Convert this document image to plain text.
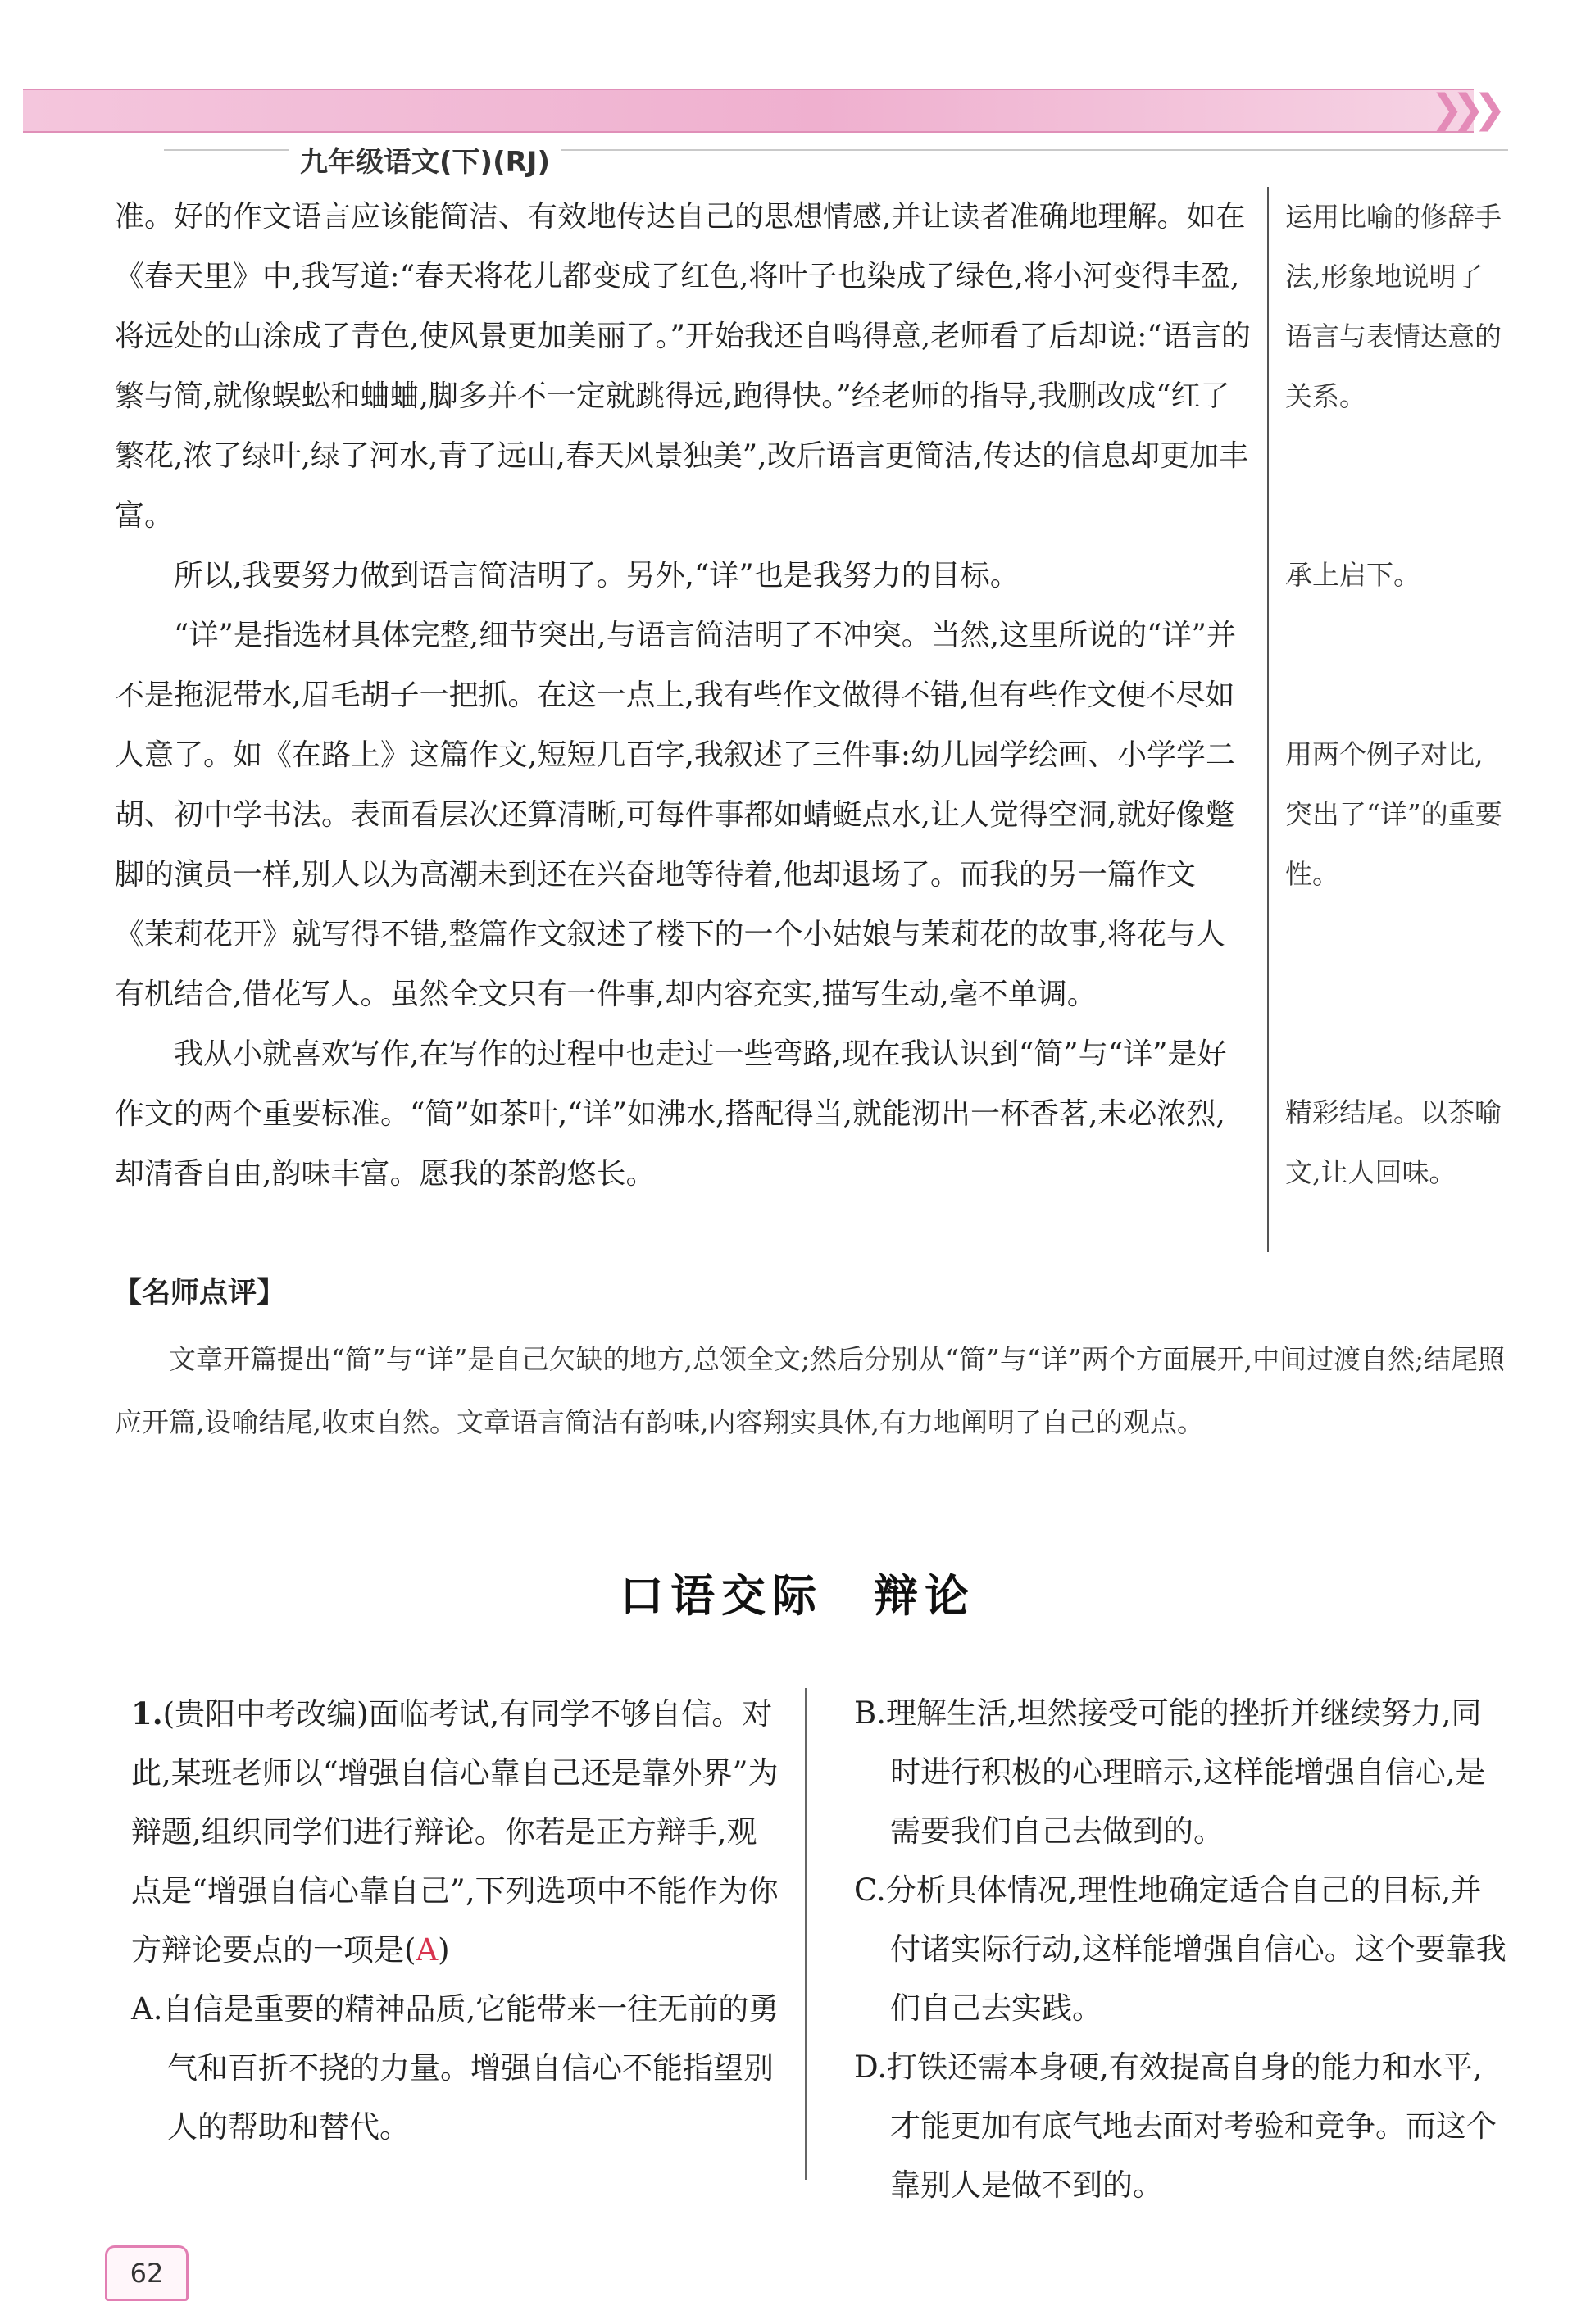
❯❯❯
九年级语文(下)(RJ)

准。好的作文语言应该能简洁、有效地传达自己的思想情感,并让读者准确地理解。如在《春天里》中,我写道:“春天将花儿都变成了红色,将叶子也染成了绿色,将小河变得丰盈,将远处的山涂成了青色,使风景更加美丽了。”开始我还自鸣得意,老师看了后却说:“语言的繁与简,就像蜈蚣和蛐蛐,脚多并不一定就跳得远,跑得快。”经老师的指导,我删改成“红了繁花,浓了绿叶,绿了河水,青了远山,春天风景独美”,改后语言更简洁,传达的信息却更加丰富。

所以,我要努力做到语言简洁明了。另外,“详”也是我努力的目标。

“详”是指选材具体完整,细节突出,与语言简洁明了不冲突。当然,这里所说的“详”并不是拖泥带水,眉毛胡子一把抓。在这一点上,我有些作文做得不错,但有些作文便不尽如人意了。如《在路上》这篇作文,短短几百字,我叙述了三件事:幼儿园学绘画、小学学二胡、初中学书法。表面看层次还算清晰,可每件事都如蜻蜓点水,让人觉得空洞,就好像蹩脚的演员一样,别人以为高潮未到还在兴奋地等待着,他却退场了。而我的另一篇作文《茉莉花开》就写得不错,整篇作文叙述了楼下的一个小姑娘与茉莉花的故事,将花与人有机结合,借花写人。虽然全文只有一件事,却内容充实,描写生动,毫不单调。

我从小就喜欢写作,在写作的过程中也走过一些弯路,现在我认识到“简”与“详”是好作文的两个重要标准。“简”如茶叶,“详”如沸水,搭配得当,就能沏出一杯香茗,未必浓烈,却清香自由,韵味丰富。愿我的茶韵悠长。

运用比喻的修辞手法,形象地说明了语言与表情达意的关系。
承上启下。
用两个例子对比,突出了“详”的重要性。
精彩结尾。以茶喻文,让人回味。
【名师点评】
文章开篇提出“简”与“详”是自己欠缺的地方,总领全文;然后分别从“简”与“详”两个方面展开,中间过渡自然;结尾照应开篇,设喻结尾,收束自然。文章语言简洁有韵味,内容翔实具体,有力地阐明了自己的观点。
口语交际　辩论

1.(贵阳中考改编)面临考试,有同学不够自信。对此,某班老师以“增强自信心靠自己还是靠外界”为辩题,组织同学们进行辩论。你若是正方辩手,观点是“增强自信心靠自己”,下列选项中不能作为你方辩论要点的一项是(A)

A.自信是重要的精神品质,它能带来一往无前的勇气和百折不挠的力量。增强自信心不能指望别人的帮助和替代。

B.理解生活,坦然接受可能的挫折并继续努力,同时进行积极的心理暗示,这样能增强自信心,是需要我们自己去做到的。

C.分析具体情况,理性地确定适合自己的目标,并付诸实际行动,这样能增强自信心。这个要靠我们自己去实践。

D.打铁还需本身硬,有效提高自身的能力和水平,才能更加有底气地去面对考验和竞争。而这个靠别人是做不到的。

62
